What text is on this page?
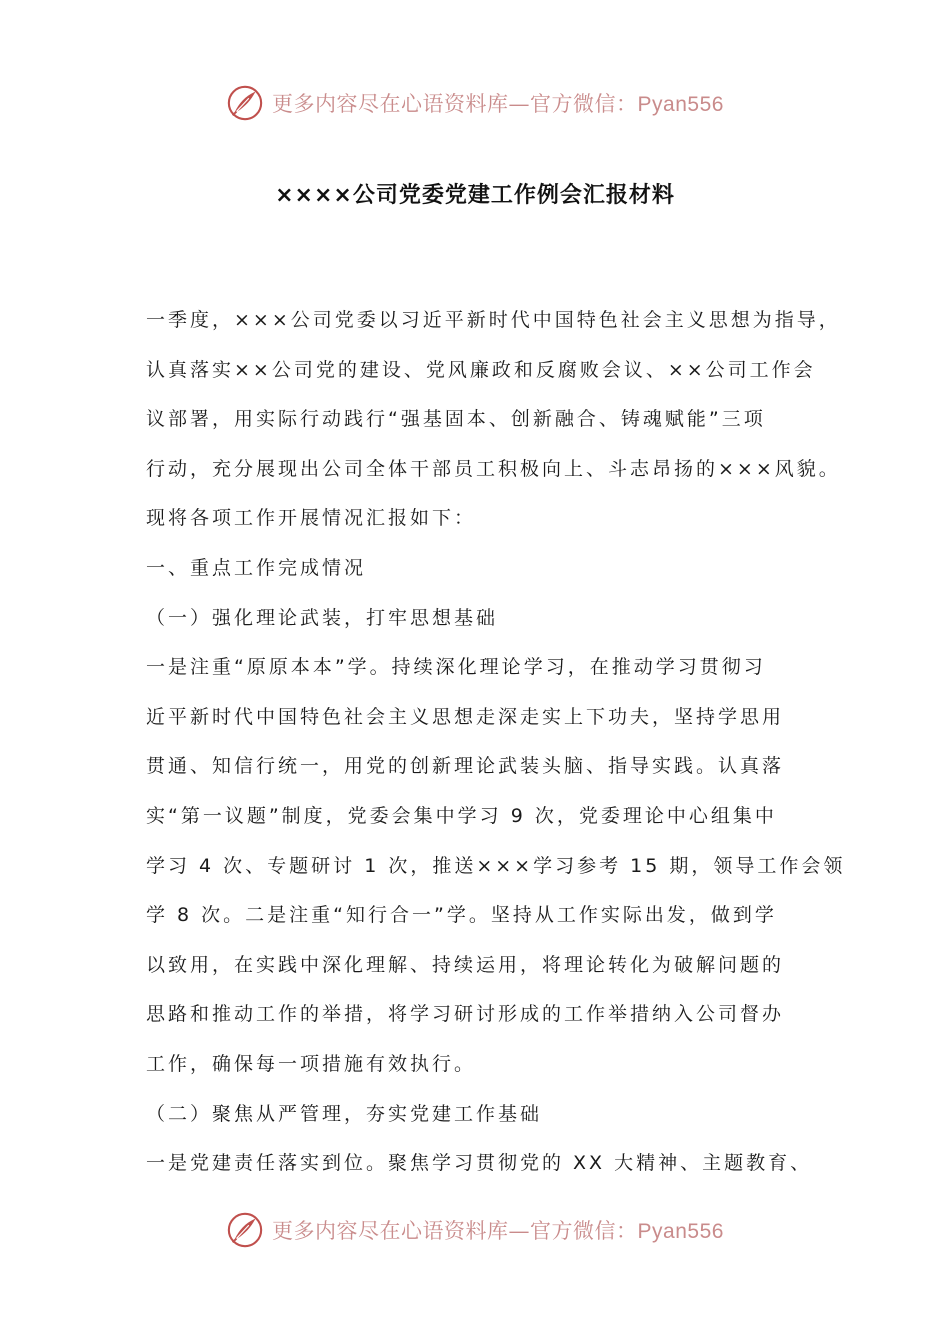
更多内容尽在心语资料库—官方微信：Pyan556
××××公司党委党建工作例会汇报材料

一季度，×××公司党委以习近平新时代中国特色社会主义思想为指导，

认真落实××公司党的建设、党风廉政和反腐败会议、××公司工作会

议部署，用实际行动践行“强基固本、创新融合、铸魂赋能”三项

行动，充分展现出公司全体干部员工积极向上、斗志昂扬的×××风貌。

现将各项工作开展情况汇报如下：

一、重点工作完成情况

（一）强化理论武装，打牢思想基础

一是注重“原原本本”学。持续深化理论学习，在推动学习贯彻习

近平新时代中国特色社会主义思想走深走实上下功夫，坚持学思用

贯通、知信行统一，用党的创新理论武装头脑、指导实践。认真落

实“第一议题”制度，党委会集中学习 9 次，党委理论中心组集中

学习 4 次、专题研讨 1 次，推送×××学习参考 15 期，领导工作会领

学 8 次。二是注重“知行合一”学。坚持从工作实际出发，做到学

以致用，在实践中深化理解、持续运用，将理论转化为破解问题的

思路和推动工作的举措，将学习研讨形成的工作举措纳入公司督办

工作，确保每一项措施有效执行。

（二）聚焦从严管理，夯实党建工作基础

一是党建责任落实到位。聚焦学习贯彻党的 XX 大精神、主题教育、

更多内容尽在心语资料库—官方微信：Pyan556
